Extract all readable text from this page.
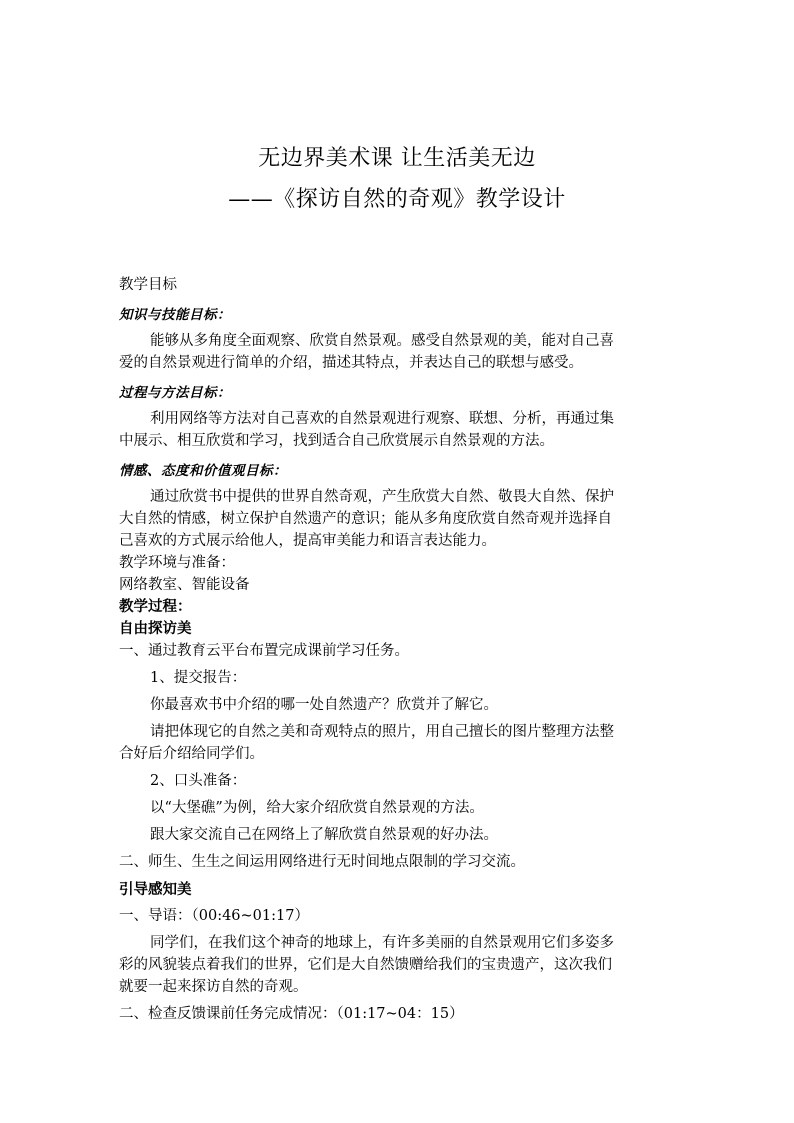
无边界美术课 让生活美无边
——《探访自然的奇观》教学设计
教学目标
知识与技能目标：
能够从多角度全面观察、欣赏自然景观。感受自然景观的美，能对自己喜
爱的自然景观进行简单的介绍，描述其特点，并表达自己的联想与感受。
过程与方法目标：
利用网络等方法对自己喜欢的自然景观进行观察、联想、分析，再通过集
中展示、相互欣赏和学习，找到适合自己欣赏展示自然景观的方法。
情感、态度和价值观目标：
通过欣赏书中提供的世界自然奇观，产生欣赏大自然、敬畏大自然、保护
大自然的情感，树立保护自然遗产的意识；能从多角度欣赏自然奇观并选择自
己喜欢的方式展示给他人，提高审美能力和语言表达能力。
教学环境与准备：
网络教室、智能设备
教学过程：
自由探访美
一、通过教育云平台布置完成课前学习任务。
1、提交报告：
你最喜欢书中介绍的哪一处自然遗产？欣赏并了解它。
请把体现它的自然之美和奇观特点的照片，用自己擅长的图片整理方法整
合好后介绍给同学们。
2、口头准备：
以“大堡礁”为例，给大家介绍欣赏自然景观的方法。
跟大家交流自己在网络上了解欣赏自然景观的好办法。
二、师生、生生之间运用网络进行无时间地点限制的学习交流。
引导感知美
一、导语：（00:46~01:17）
同学们，在我们这个神奇的地球上，有许多美丽的自然景观用它们多姿多
彩的风貌装点着我们的世界，它们是大自然馈赠给我们的宝贵遗产，这次我们
就要一起来探访自然的奇观。
二、检查反馈课前任务完成情况：（01:17~04：15）
